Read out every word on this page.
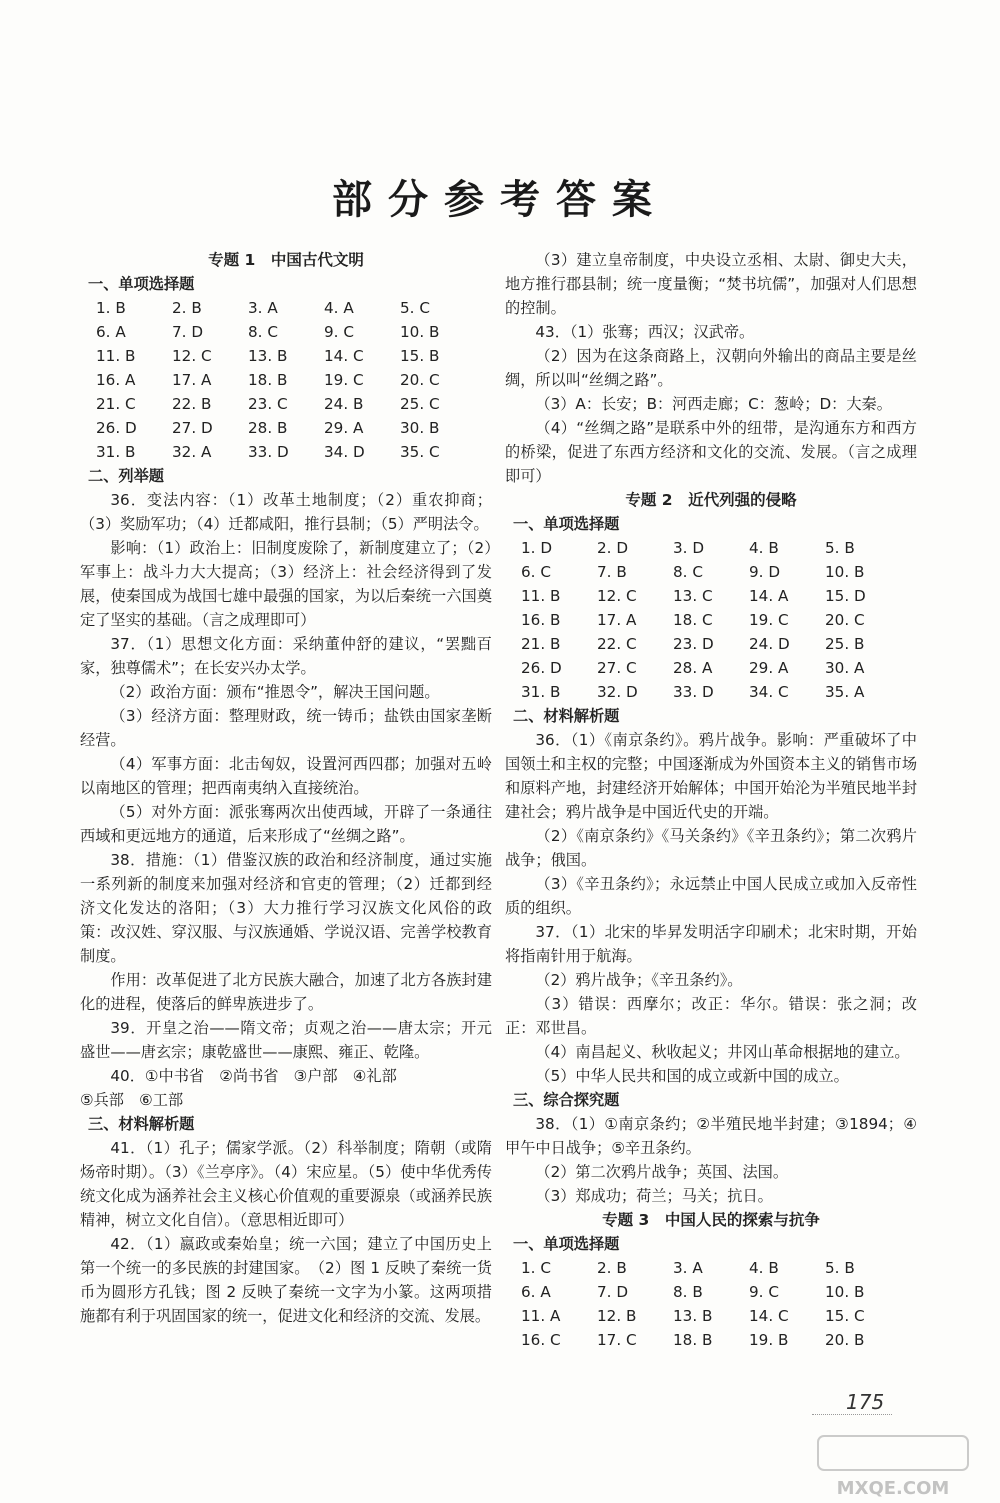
部分参考答案
专题 1　中国古代文明
一、单项选择题
1. B	2. B	3. A	4. A	5. C
6. A	7. D	8. C	9. C	10. B
11. B	12. C	13. B	14. C	15. B
16. A	17. A	18. B	19. C	20. C
21. C	22. B	23. C	24. B	25. C
26. D	27. D	28. B	29. A	30. B
31. B	32. A	33. D	34. D	35. C
二、列举题

36．变法内容：（1）改革土地制度；（2）重农抑商；（3）奖励军功；（4）迁都咸阳，推行县制；（5）严明法令。

影响：（1）政治上：旧制度废除了，新制度建立了；（2）军事上：战斗力大大提高；（3）经济上：社会经济得到了发展，使秦国成为战国七雄中最强的国家，为以后秦统一六国奠定了坚实的基础。（言之成理即可）

37．（1）思想文化方面：采纳董仲舒的建议，“罢黜百家，独尊儒术”；在长安兴办太学。

（2）政治方面：颁布“推恩令”，解决王国问题。

（3）经济方面：整理财政，统一铸币；盐铁由国家垄断经营。

（4）军事方面：北击匈奴，设置河西四郡；加强对五岭以南地区的管理；把西南夷纳入直接统治。

（5）对外方面：派张骞两次出使西域，开辟了一条通往西域和更远地方的通道，后来形成了“丝绸之路”。

38．措施：（1）借鉴汉族的政治和经济制度，通过实施一系列新的制度来加强对经济和官吏的管理；（2）迁都到经济文化发达的洛阳；（3）大力推行学习汉族文化风俗的政策：改汉姓、穿汉服、与汉族通婚、学说汉语、完善学校教育制度。

作用：改革促进了北方民族大融合，加速了北方各族封建化的进程，使落后的鲜卑族进步了。

39．开皇之治——隋文帝；贞观之治——唐太宗；开元盛世——唐玄宗；康乾盛世——康熙、雍正、乾隆。

40．①中书省　②尚书省　③户部　④礼部

⑤兵部　⑥工部

三、材料解析题

41．（1）孔子；儒家学派。（2）科举制度；隋朝（或隋炀帝时期）。（3）《兰亭序》。（4）宋应星。（5）使中华优秀传统文化成为涵养社会主义核心价值观的重要源泉（或涵养民族精神，树立文化自信）。（意思相近即可）

42．（1）嬴政或秦始皇；统一六国；建立了中国历史上第一个统一的多民族的封建国家。　（2）图 1 反映了秦统一货币为圆形方孔钱；图 2 反映了秦统一文字为小篆。这两项措施都有利于巩固国家的统一，促进文化和经济的交流、发展。

（3）建立皇帝制度，中央设立丞相、太尉、御史大夫，地方推行郡县制；统一度量衡；“焚书坑儒”，加强对人们思想的控制。

43．（1）张骞；西汉；汉武帝。

（2）因为在这条商路上，汉朝向外输出的商品主要是丝绸，所以叫“丝绸之路”。

（3）A：长安；B：河西走廊；C：葱岭；D：大秦。

（4）“丝绸之路”是联系中外的纽带，是沟通东方和西方的桥梁，促进了东西方经济和文化的交流、发展。（言之成理即可）

专题 2　近代列强的侵略
一、单项选择题
1. D	2. D	3. D	4. B	5. B
6. C	7. B	8. C	9. D	10. B
11. B	12. C	13. C	14. A	15. D
16. B	17. A	18. C	19. C	20. C
21. B	22. C	23. D	24. D	25. B
26. D	27. C	28. A	29. A	30. A
31. B	32. D	33. D	34. C	35. A
二、材料解析题

36．（1）《南京条约》。鸦片战争。影响：严重破坏了中国领土和主权的完整；中国逐渐成为外国资本主义的销售市场和原料产地，封建经济开始解体；中国开始沦为半殖民地半封建社会；鸦片战争是中国近代史的开端。

（2）《南京条约》《马关条约》《辛丑条约》；第二次鸦片战争；俄国。

（3）《辛丑条约》；永远禁止中国人民成立或加入反帝性质的组织。

37．（1）北宋的毕昇发明活字印刷术；北宋时期，开始将指南针用于航海。

（2）鸦片战争；《辛丑条约》。

（3）错误：西摩尔；改正：华尔。错误：张之洞；改正：邓世昌。

（4）南昌起义、秋收起义；井冈山革命根据地的建立。

（5）中华人民共和国的成立或新中国的成立。

三、综合探究题

38．（1）①南京条约；②半殖民地半封建；③1894；④甲午中日战争；⑤辛丑条约。

（2）第二次鸦片战争；英国、法国。

（3）郑成功；荷兰；马关；抗日。

专题 3　中国人民的探索与抗争
一、单项选择题
1. C	2. B	3. A	4. B	5. B
6. A	7. D	8. B	9. C	10. B
11. A	12. B	13. B	14. C	15. C
16. C	17. C	18. B	19. B	20. B
175
MXQE.COM
